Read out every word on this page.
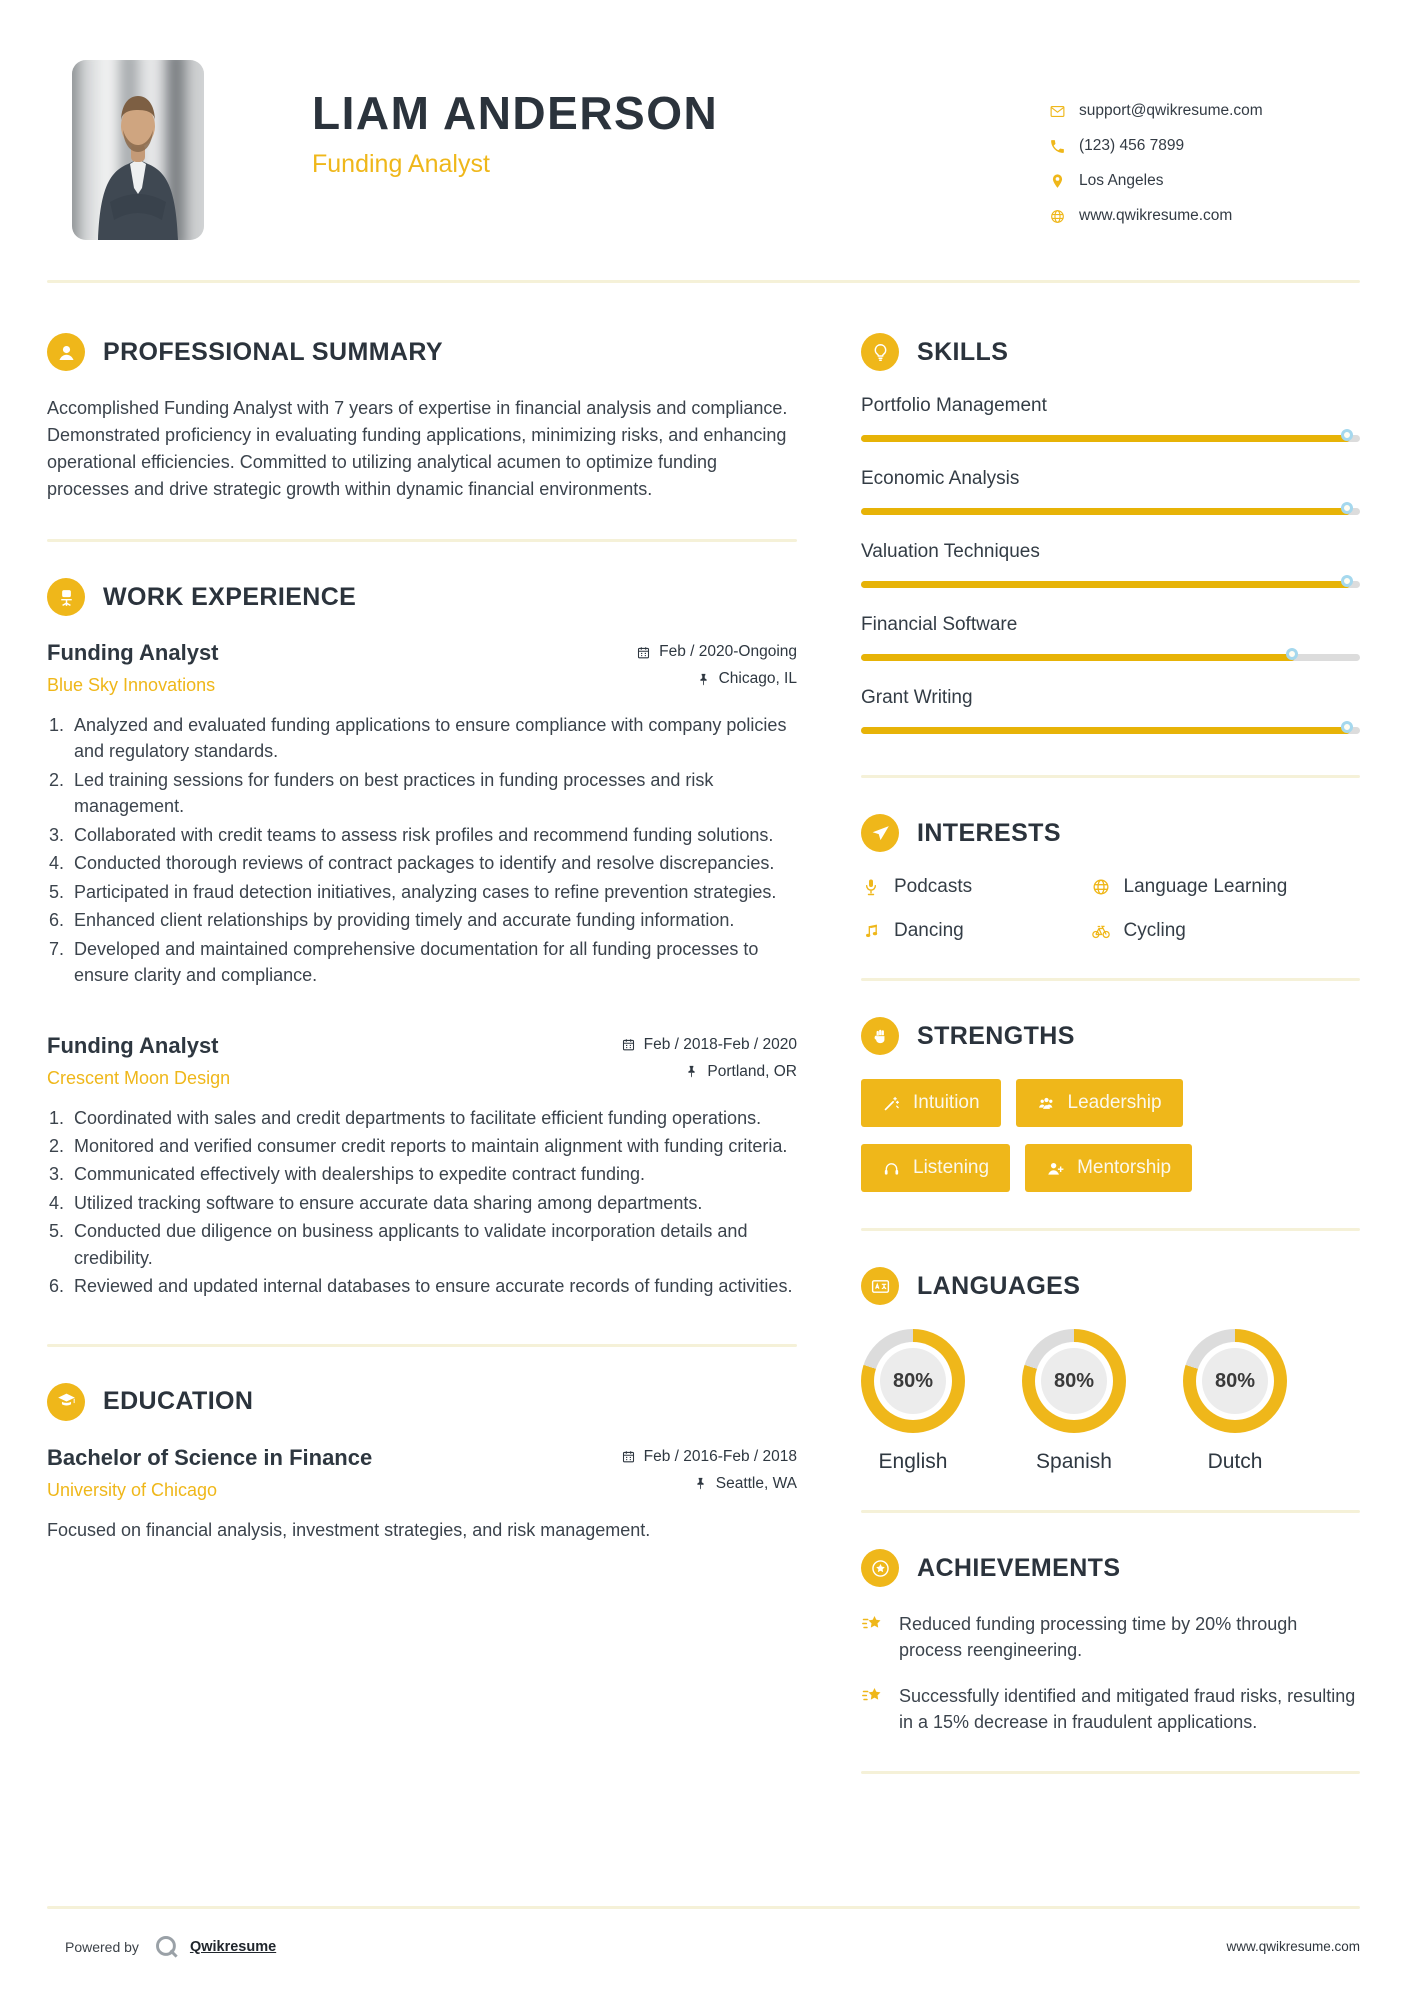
LIAM ANDERSON
Funding Analyst
support@qwikresume.com
(123) 456 7899
Los Angeles
www.qwikresume.com
PROFESSIONAL SUMMARY

Accomplished Funding Analyst with 7 years of expertise in financial analysis and compliance. Demonstrated proficiency in evaluating funding applications, minimizing risks, and enhancing operational efficiencies. Committed to utilizing analytical acumen to optimize funding processes and drive strategic growth within dynamic financial environments.

WORK EXPERIENCE
Funding Analyst
Blue Sky Innovations
Feb / 2020-Ongoing
Chicago, IL
Analyzed and evaluated funding applications to ensure compliance with company policies and regulatory standards.
Led training sessions for funders on best practices in funding processes and risk management.
Collaborated with credit teams to assess risk profiles and recommend funding solutions.
Conducted thorough reviews of contract packages to identify and resolve discrepancies.
Participated in fraud detection initiatives, analyzing cases to refine prevention strategies.
Enhanced client relationships by providing timely and accurate funding information.
Developed and maintained comprehensive documentation for all funding processes to ensure clarity and compliance.
Funding Analyst
Crescent Moon Design
Feb / 2018-Feb / 2020
Portland, OR
Coordinated with sales and credit departments to facilitate efficient funding operations.
Monitored and verified consumer credit reports to maintain alignment with funding criteria.
Communicated effectively with dealerships to expedite contract funding.
Utilized tracking software to ensure accurate data sharing among departments.
Conducted due diligence on business applicants to validate incorporation details and credibility.
Reviewed and updated internal databases to ensure accurate records of funding activities.
EDUCATION
Bachelor of Science in Finance
University of Chicago
Feb / 2016-Feb / 2018
Seattle, WA

Focused on financial analysis, investment strategies, and risk management.

SKILLS
Portfolio Management
Economic Analysis
Valuation Techniques
Financial Software
Grant Writing
INTERESTS
Podcasts	Language Learning
Dancing	Cycling
STRENGTHS
Intuition	Leadership
Listening	Mentorship
LANGUAGES
80%
English
80%
Spanish
80%
Dutch
ACHIEVEMENTS
Reduced funding processing time by 20% through process reengineering.
Successfully identified and mitigated fraud risks, resulting in a 15% decrease in fraudulent applications.
Powered by	Qwikresume	www.qwikresume.com
